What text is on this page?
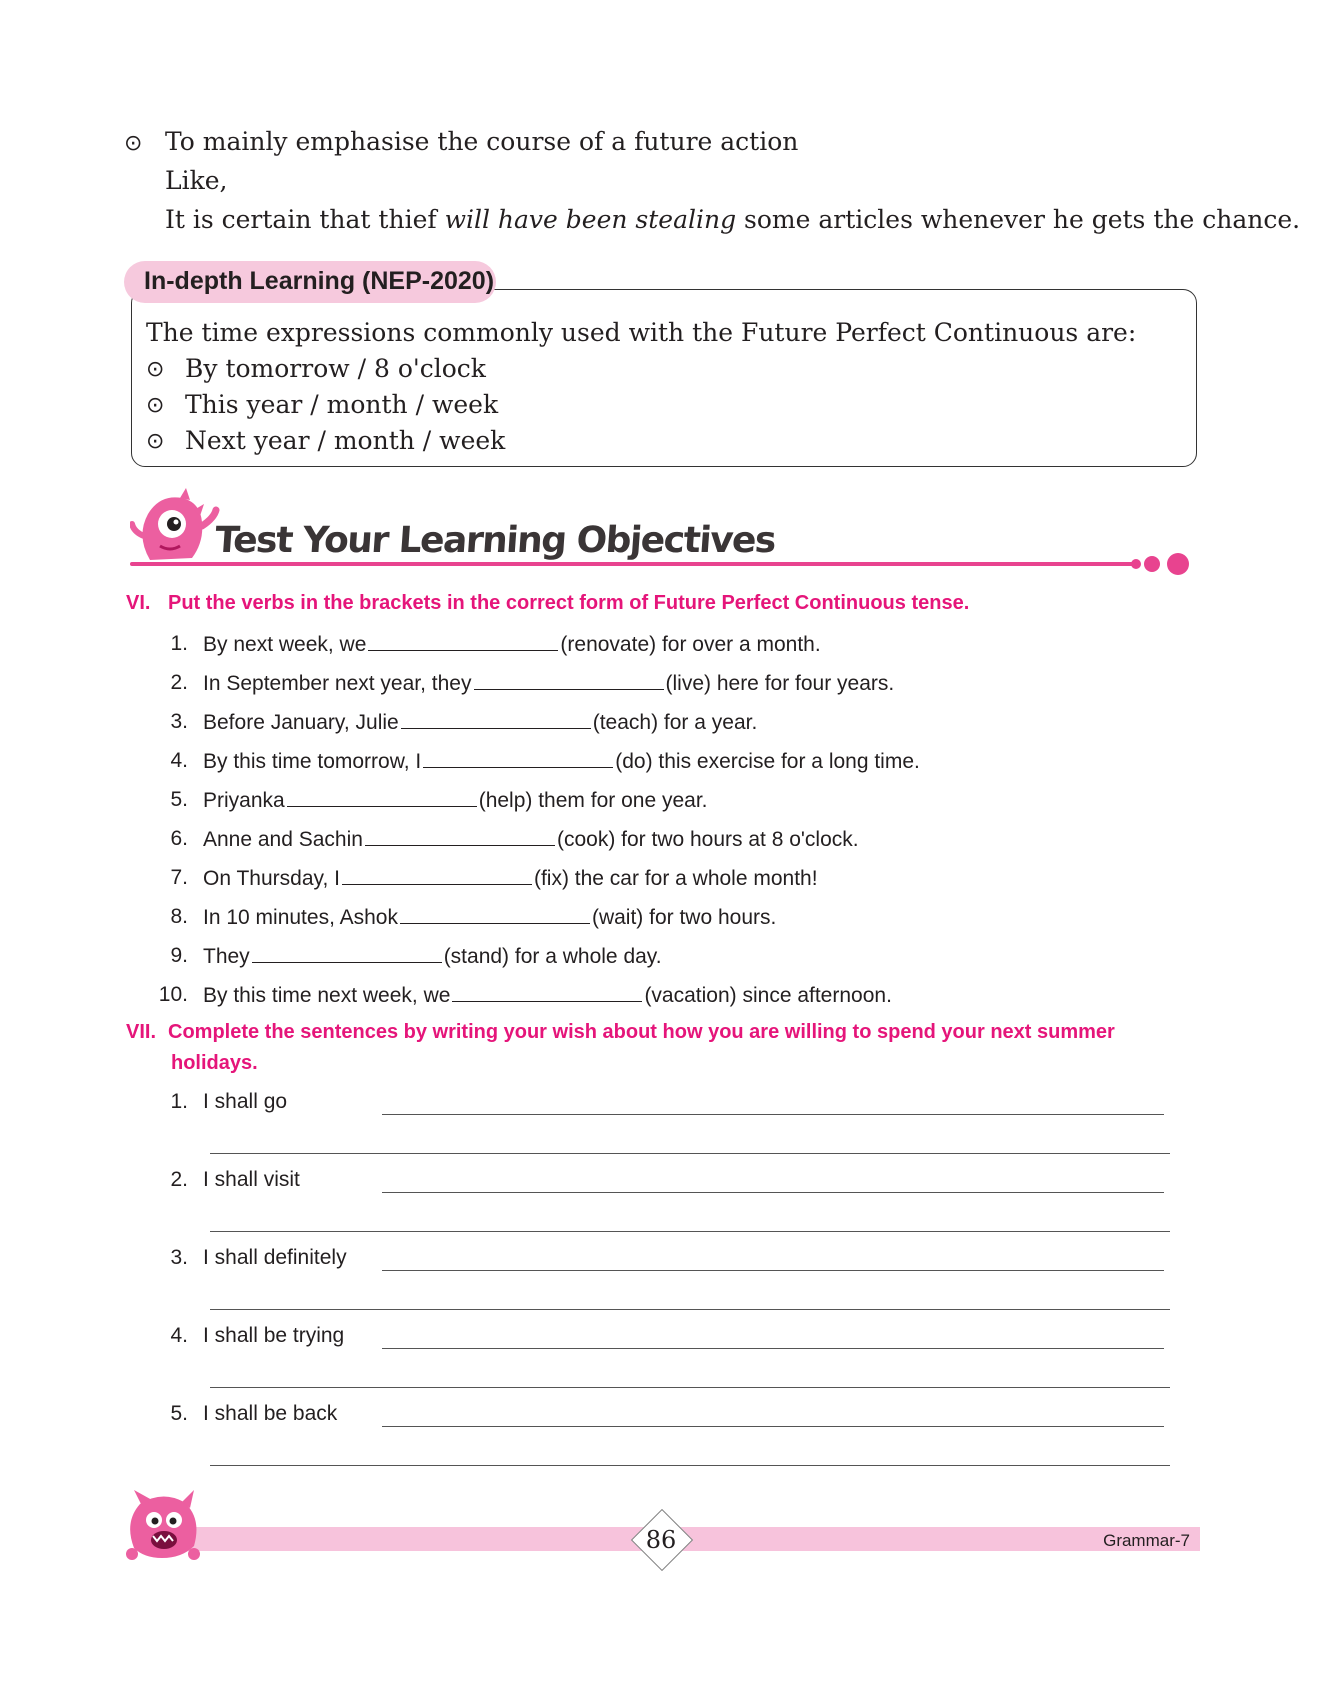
⊙ To mainly emphasise the course of a future action
Like,
It is certain that thief will have been stealing some articles whenever he gets the chance.
In-depth Learning (NEP-2020)
The time expressions commonly used with the Future Perfect Continuous are:
⊙ By tomorrow / 8 o'clock
⊙ This year / month / week
⊙ Next year / month / week
Test Your Learning Objectives
VI. Put the verbs in the brackets in the correct form of Future Perfect Continuous tense.
1. By next week, we	(renovate) for over a month.
2. In September next year, they	(live) here for four years.
3. Before January, Julie	(teach) for a year.
4. By this time tomorrow, I	(do) this exercise for a long time.
5. Priyanka	(help) them for one year.
6. Anne and Sachin	(cook) for two hours at 8 o'clock.
7. On Thursday, I	(fix) the car for a whole month!
8. In 10 minutes, Ashok	(wait) for two hours.
9. They	(stand) for a whole day.
10. By this time next week, we	(vacation) since afternoon.
VII. Complete the sentences by writing your wish about how you are willing to spend your next summer
holidays.
1. I shall go
2. I shall visit
3. I shall definitely
4. I shall be trying
5. I shall be back
86	Grammar-7
